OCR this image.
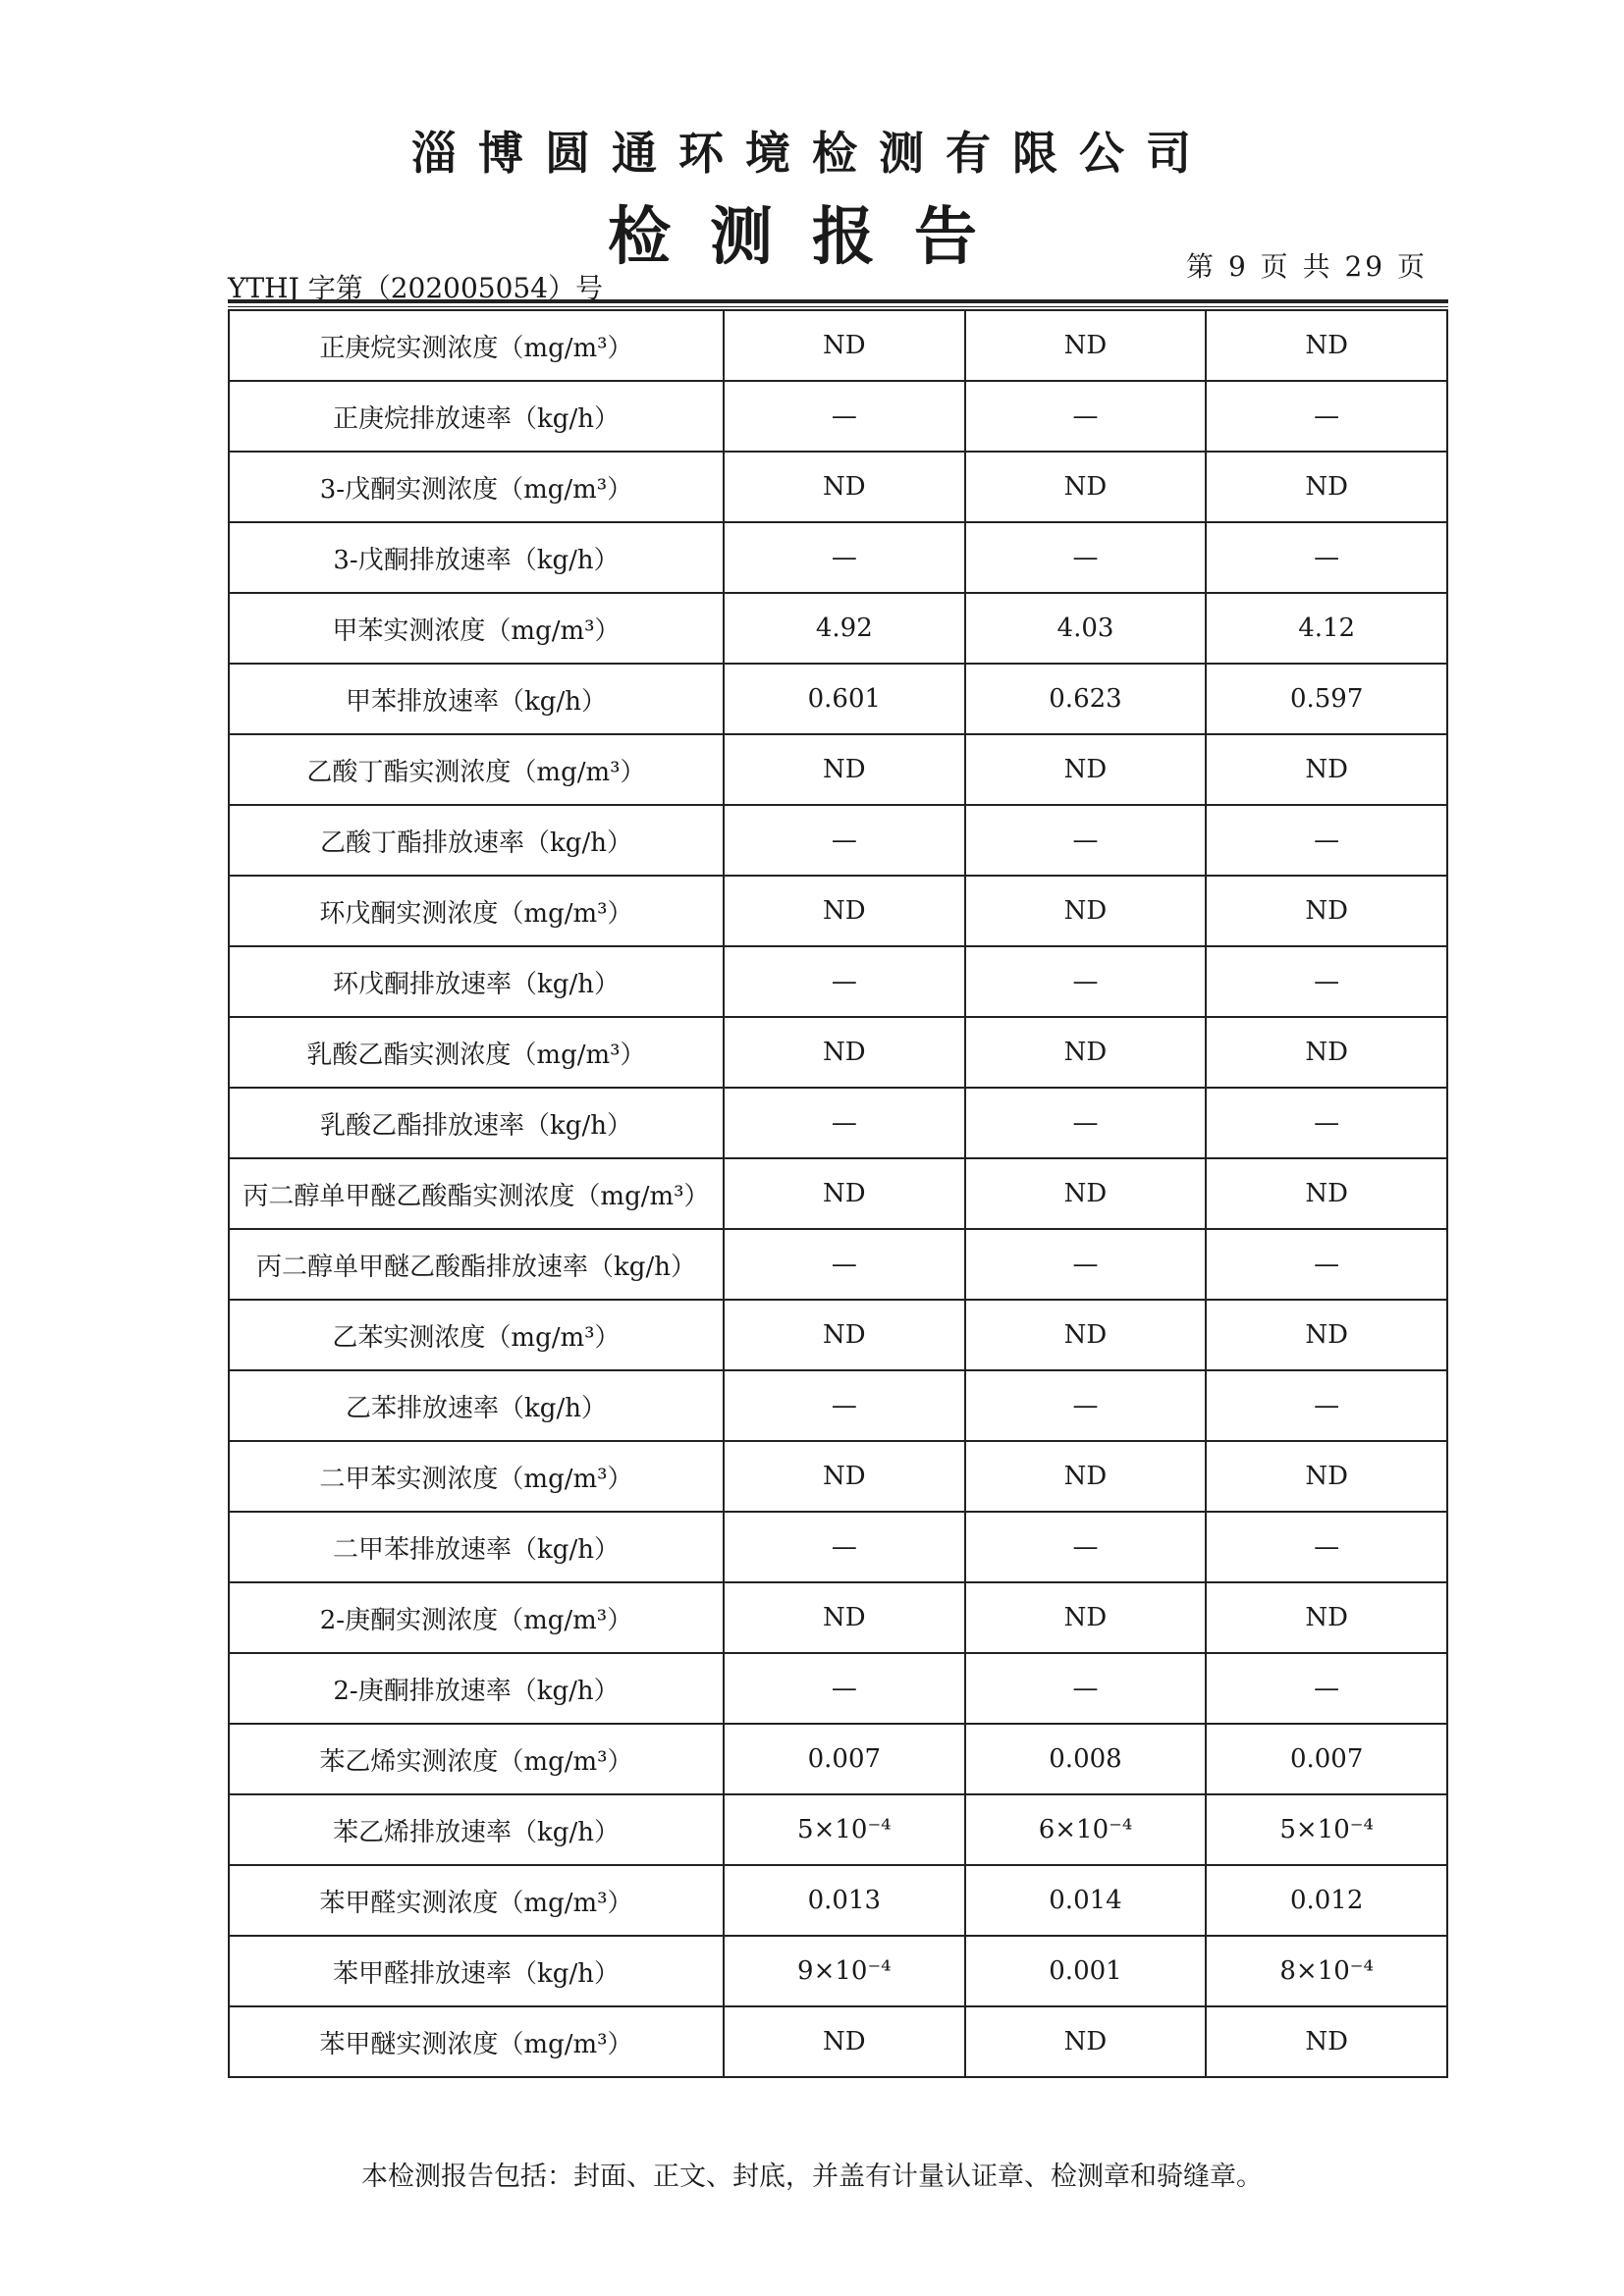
淄博圆通环境检测有限公司
检测报告
YTHJ 字第（202005054）号
第 9 页 共 29 页
正庚烷实测浓度（mg/m³）	ND	ND	ND
正庚烷排放速率（kg/h）	—	—	—
3-戊酮实测浓度（mg/m³）	ND	ND	ND
3-戊酮排放速率（kg/h）	—	—	—
甲苯实测浓度（mg/m³）	4.92	4.03	4.12
甲苯排放速率（kg/h）	0.601	0.623	0.597
乙酸丁酯实测浓度（mg/m³）	ND	ND	ND
乙酸丁酯排放速率（kg/h）	—	—	—
环戊酮实测浓度（mg/m³）	ND	ND	ND
环戊酮排放速率（kg/h）	—	—	—
乳酸乙酯实测浓度（mg/m³）	ND	ND	ND
乳酸乙酯排放速率（kg/h）	—	—	—
丙二醇单甲醚乙酸酯实测浓度（mg/m³）	ND	ND	ND
丙二醇单甲醚乙酸酯排放速率（kg/h）	—	—	—
乙苯实测浓度（mg/m³）	ND	ND	ND
乙苯排放速率（kg/h）	—	—	—
二甲苯实测浓度（mg/m³）	ND	ND	ND
二甲苯排放速率（kg/h）	—	—	—
2-庚酮实测浓度（mg/m³）	ND	ND	ND
2-庚酮排放速率（kg/h）	—	—	—
苯乙烯实测浓度（mg/m³）	0.007	0.008	0.007
苯乙烯排放速率（kg/h）	5×10⁻⁴	6×10⁻⁴	5×10⁻⁴
苯甲醛实测浓度（mg/m³）	0.013	0.014	0.012
苯甲醛排放速率（kg/h）	9×10⁻⁴	0.001	8×10⁻⁴
苯甲醚实测浓度（mg/m³）	ND	ND	ND
本检测报告包括：封面、正文、封底，并盖有计量认证章、检测章和骑缝章。
